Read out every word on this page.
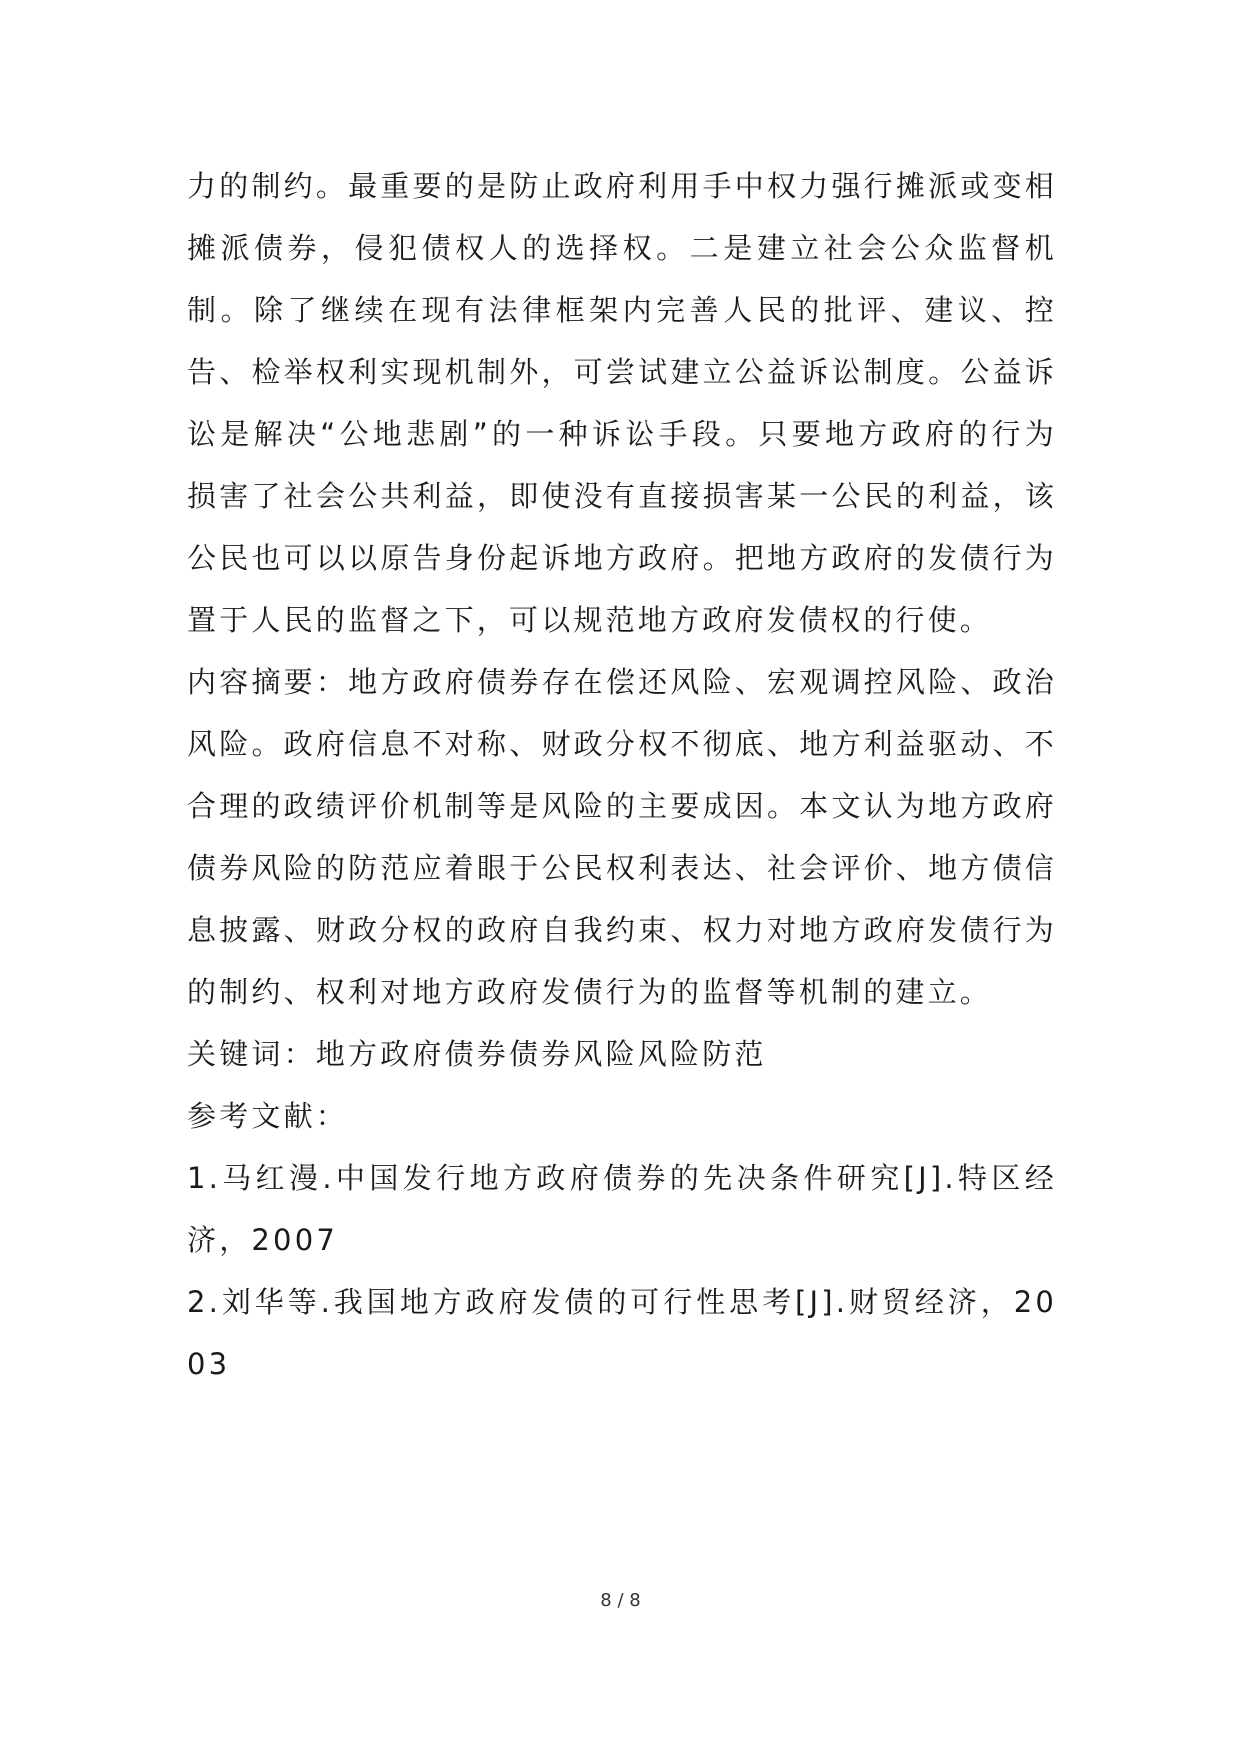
力的制约。最重要的是防止政府利用手中权力强行摊派或变相摊派债券，侵犯债权人的选择权。二是建立社会公众监督机制。除了继续在现有法律框架内完善人民的批评、建议、控告、检举权利实现机制外，可尝试建立公益诉讼制度。公益诉讼是解决“公地悲剧”的一种诉讼手段。只要地方政府的行为损害了社会公共利益，即使没有直接损害某一公民的利益，该公民也可以以原告身份起诉地方政府。把地方政府的发债行为置于人民的监督之下，可以规范地方政府发债权的行使。

内容摘要：地方政府债券存在偿还风险、宏观调控风险、政治风险。政府信息不对称、财政分权不彻底、地方利益驱动、不合理的政绩评价机制等是风险的主要成因。本文认为地方政府债券风险的防范应着眼于公民权利表达、社会评价、地方债信息披露、财政分权的政府自我约束、权力对地方政府发债行为的制约、权利对地方政府发债行为的监督等机制的建立。

关键词：地方政府债券债券风险风险防范

参考文献：

1.马红漫.中国发行地方政府债券的先决条件研究[J].特区经济，2007

2.刘华等.我国地方政府发债的可行性思考[J].财贸经济，2003

8 / 8
